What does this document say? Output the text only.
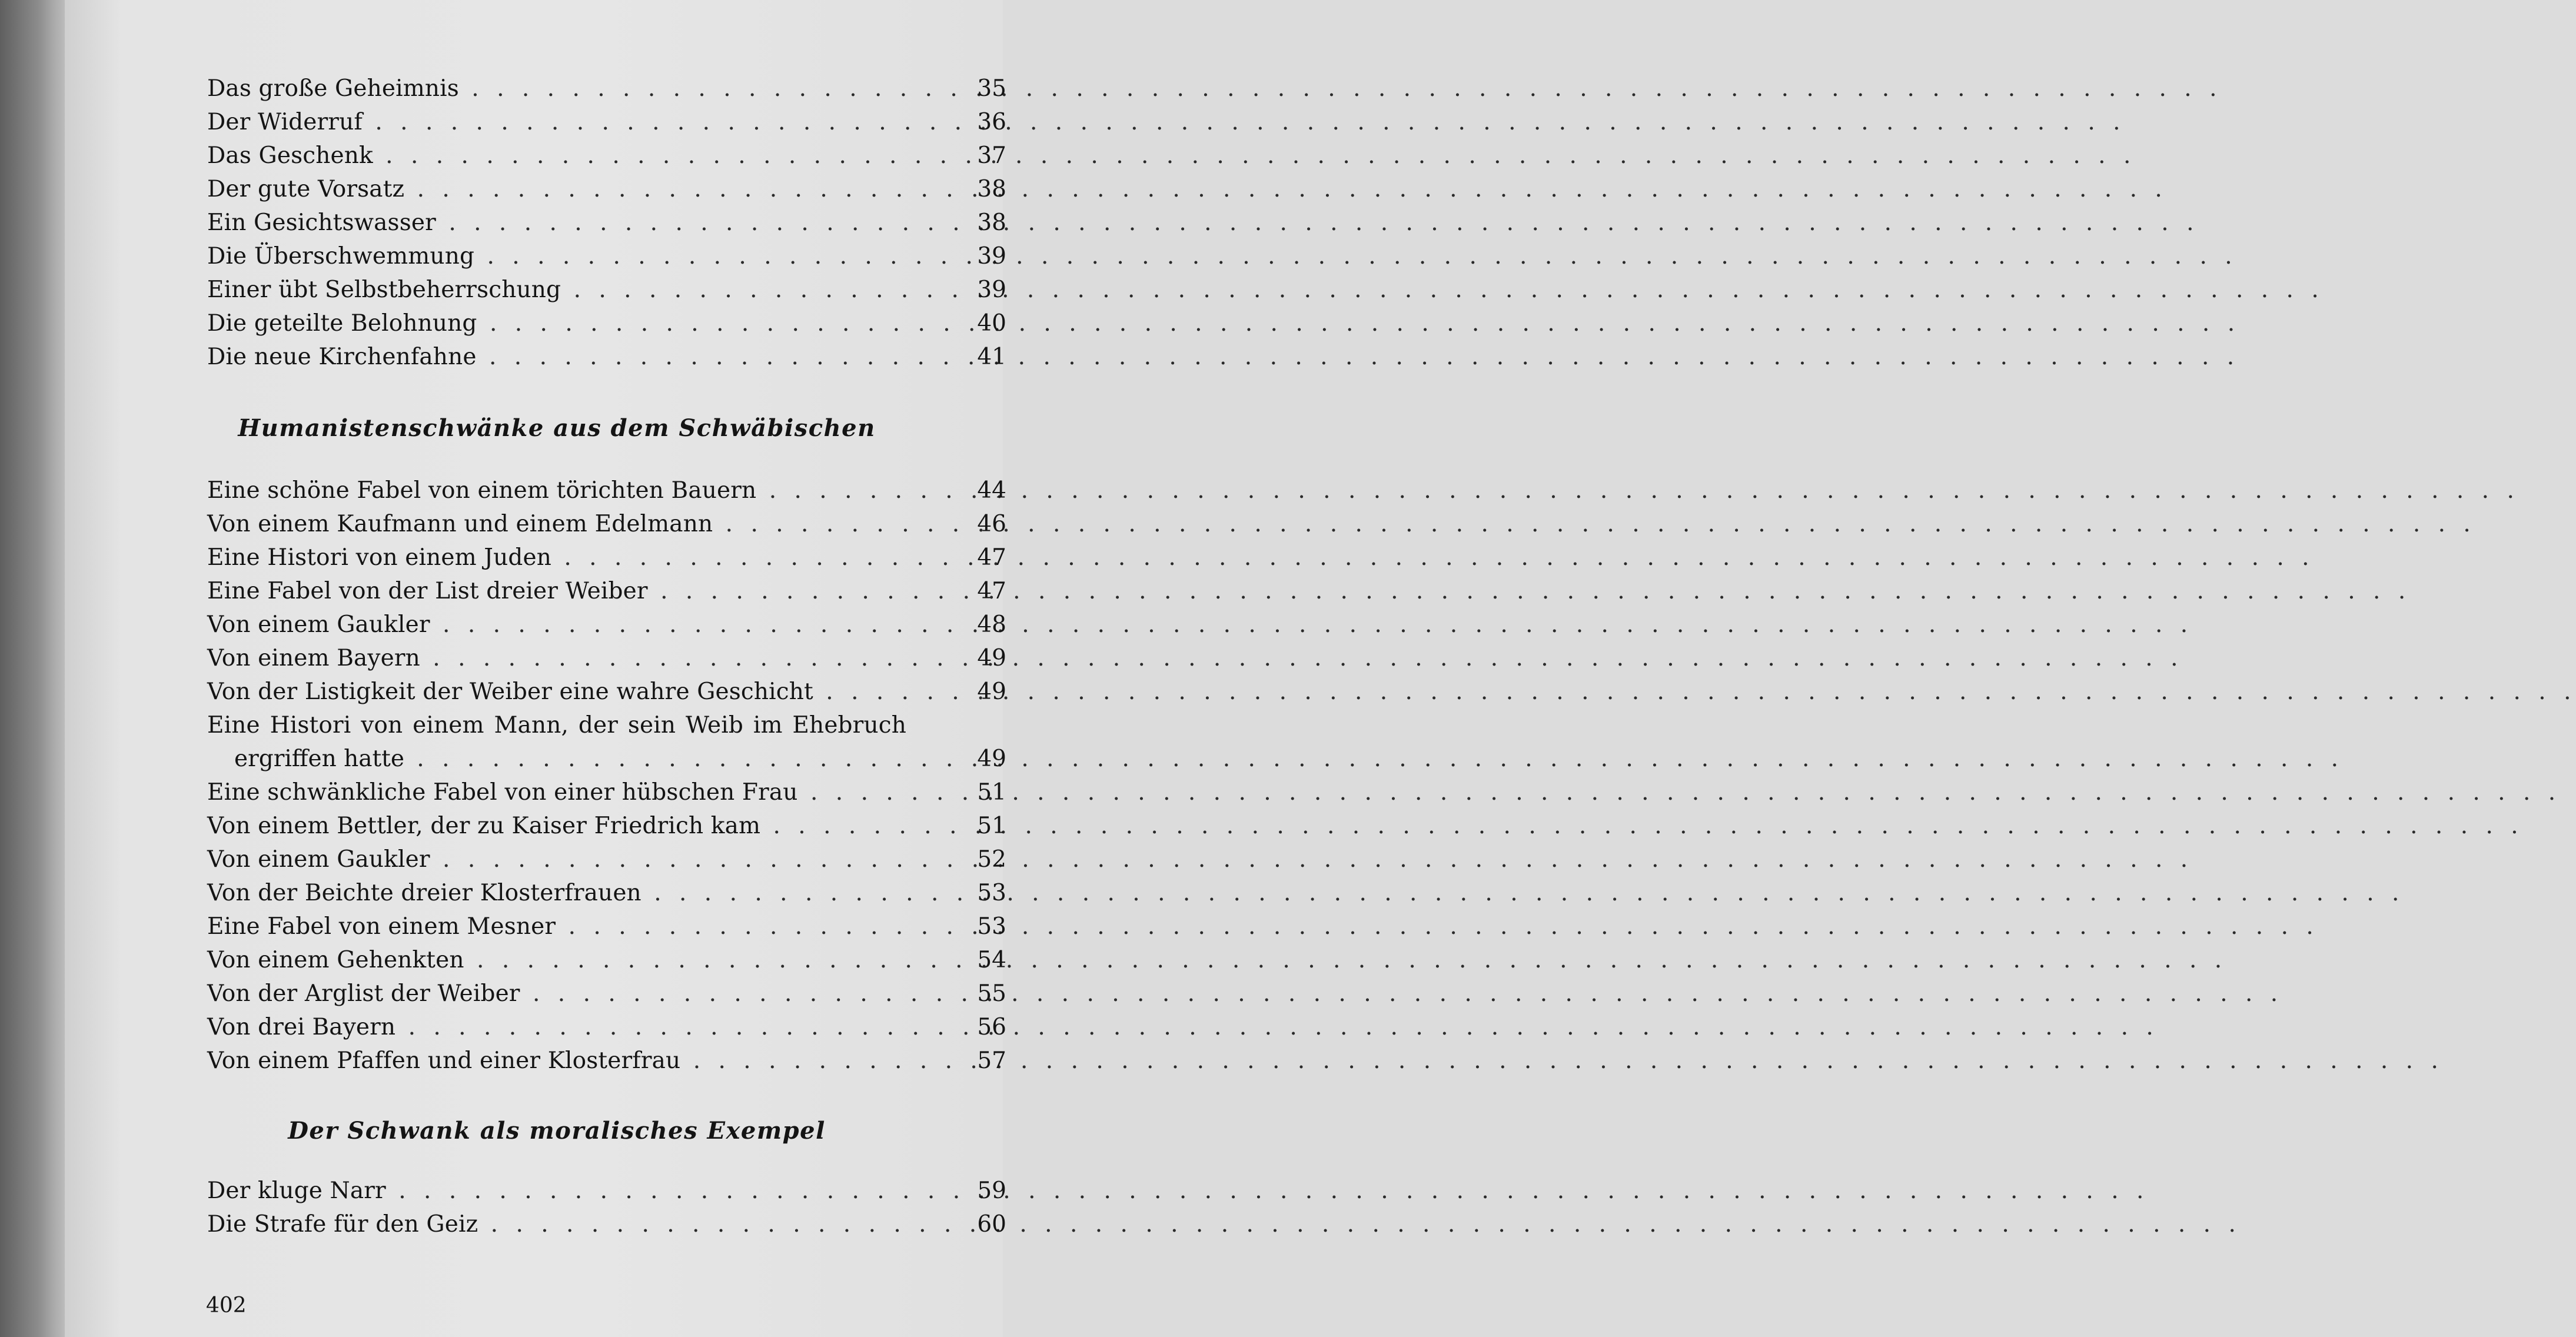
Das große Geheimnis . . .	35
Der Widerruf . . .	36
Das Geschenk . . .	37
Der gute Vorsatz . . .	38
Ein Gesichtswasser . . .	38
Die Überschwemmung . . .	39
Einer übt Selbstbeherrschung . . .	39
Die geteilte Belohnung . . .	40
Die neue Kirchenfahne . . .	41
Humanistenschwänke aus dem Schwäbischen
Eine schöne Fabel von einem törichten Bauern . . .	44
Von einem Kaufmann und einem Edelmann . . .	46
Eine Histori von einem Juden . . .	47
Eine Fabel von der List dreier Weiber . . .	47
Von einem Gaukler . . .	48
Von einem Bayern . . .	49
Von der Listigkeit der Weiber eine wahre Geschicht . . .	49
Eine Histori von einem Mann, der sein Weib im Ehebruch
ergriffen hatte . . .	49
Eine schwänkliche Fabel von einer hübschen Frau . . .	51
Von einem Bettler, der zu Kaiser Friedrich kam . . .	51
Von einem Gaukler . . .	52
Von der Beichte dreier Klosterfrauen . . .	53
Eine Fabel von einem Mesner . . .	53
Von einem Gehenkten . . .	54
Von der Arglist der Weiber . . .	55
Von drei Bayern . . .	56
Von einem Pfaffen und einer Klosterfrau . . .	57
Der Schwank als moralisches Exempel
Der kluge Narr . . .	59
Die Strafe für den Geiz . . .	60
402
